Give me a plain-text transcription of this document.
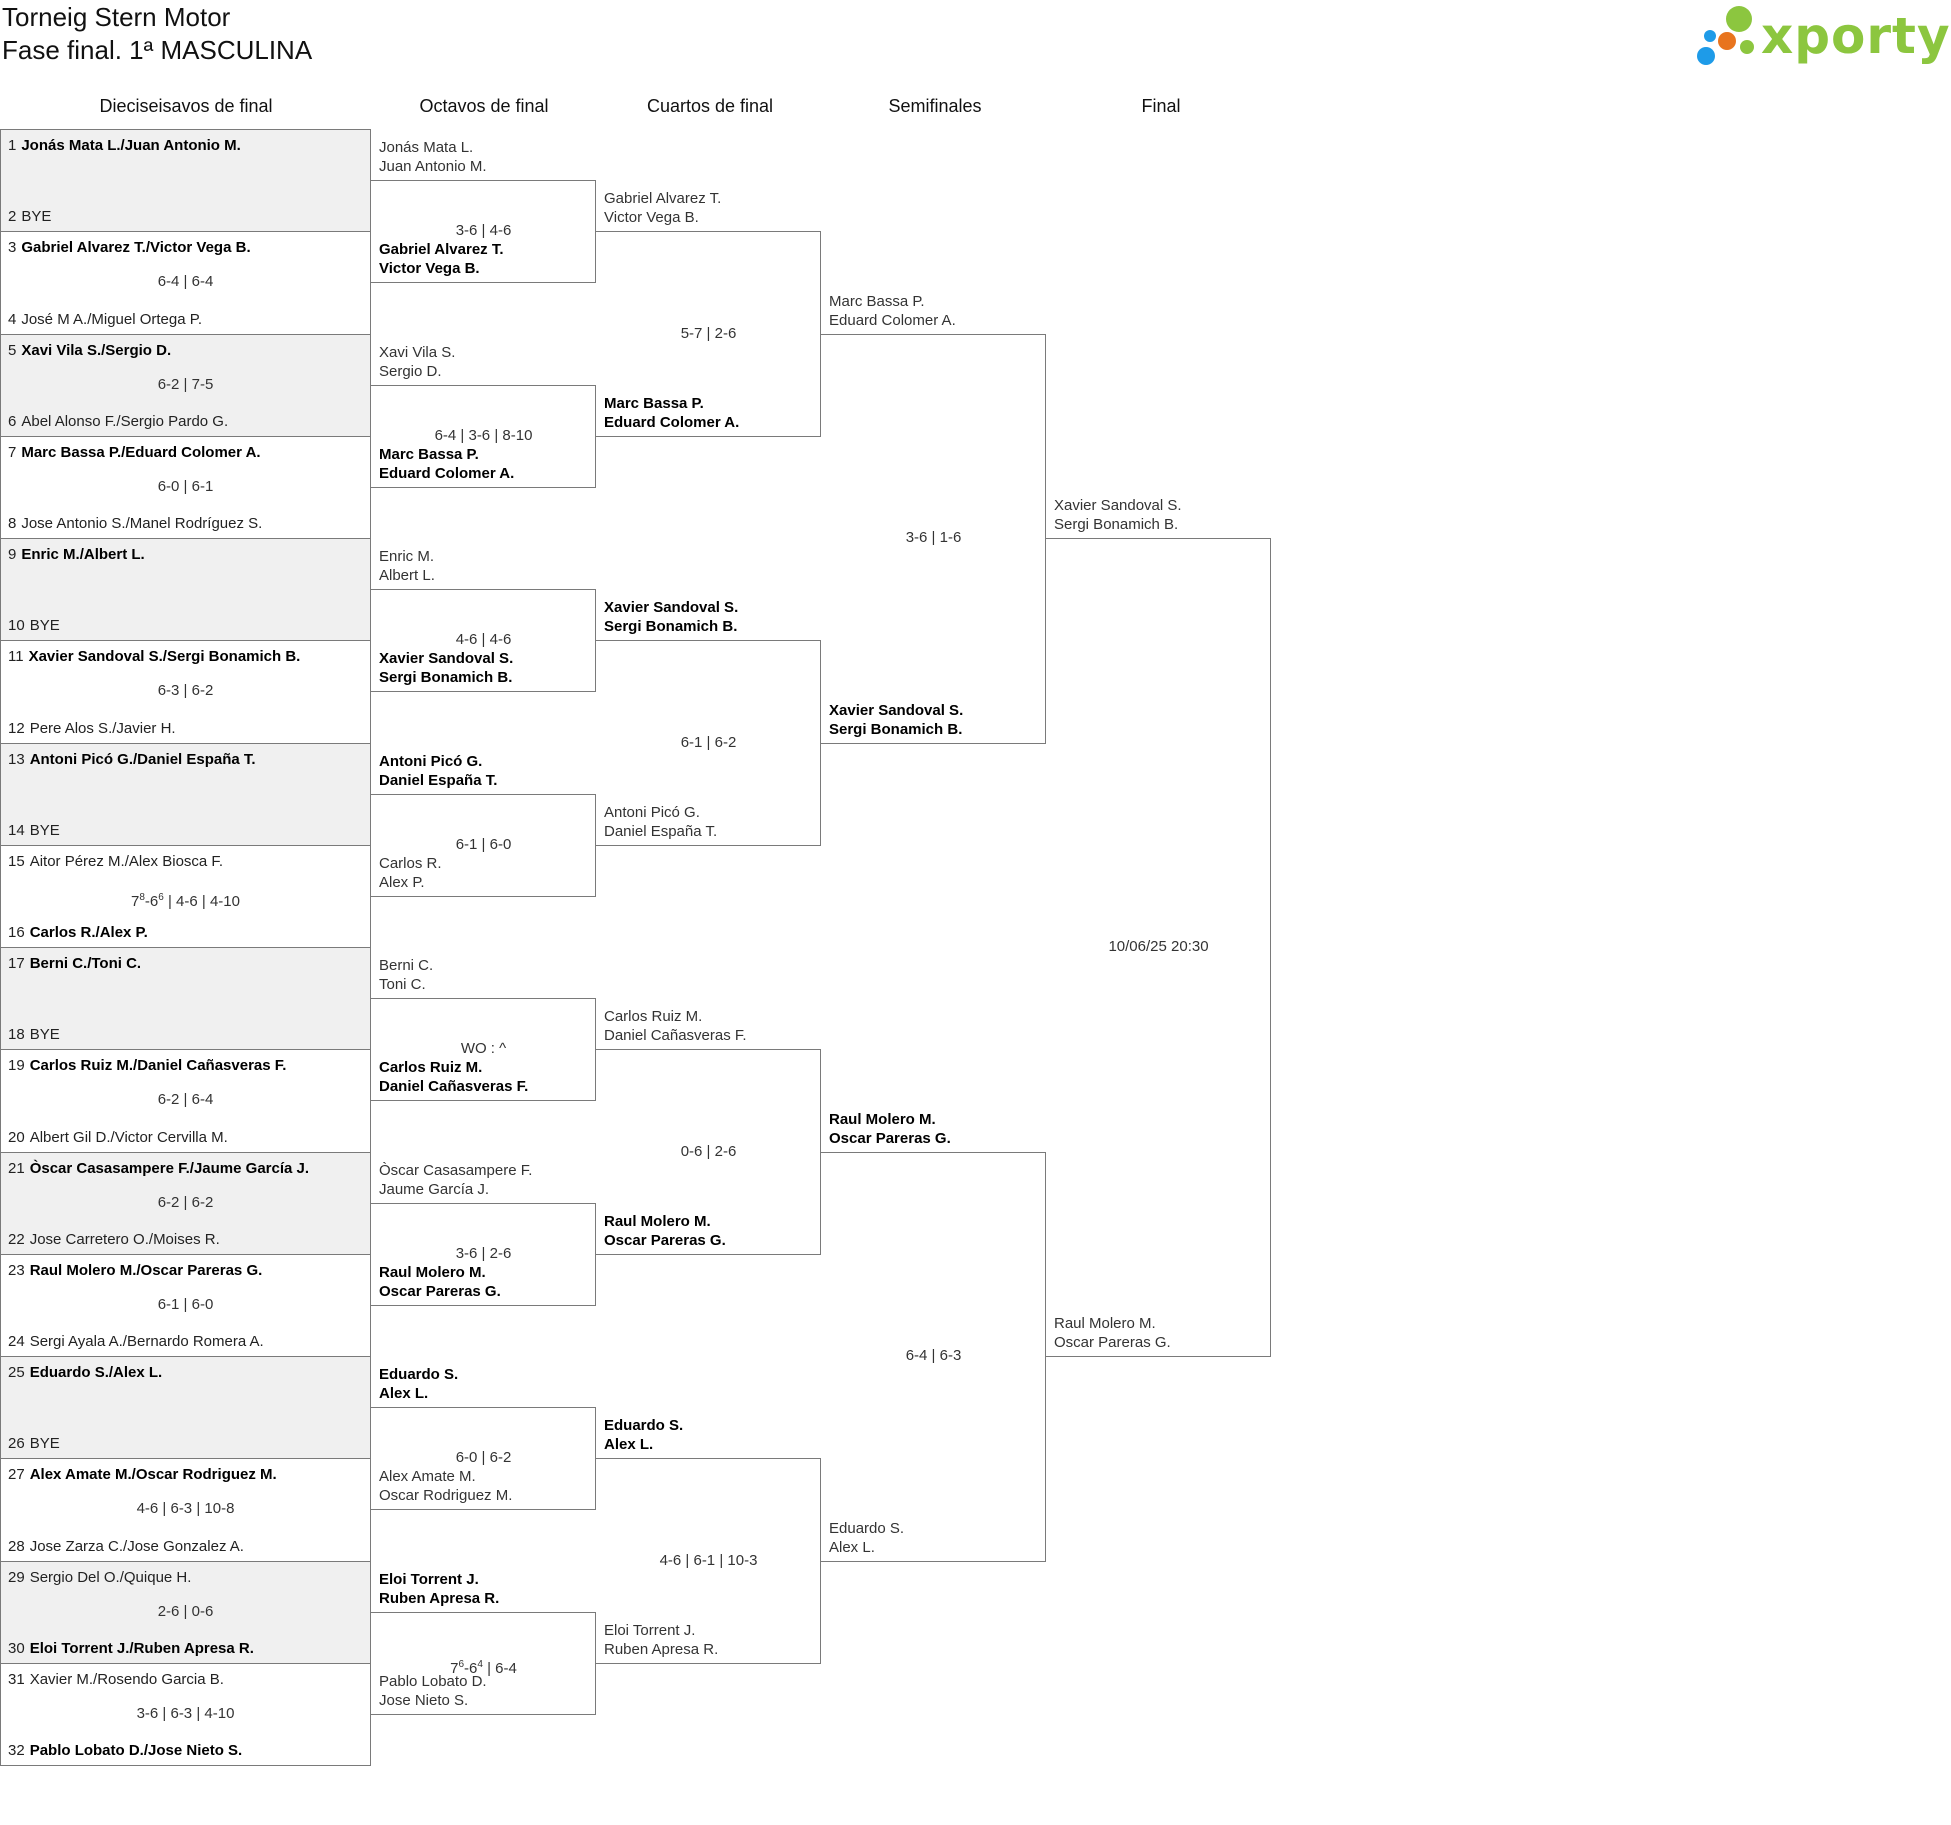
Torneig Stern Motor
Fase final. 1ª MASCULINA	xporty
Dieciseisavos de final	Octavos de final	Cuartos de final	Semifinales	Final
1 Jonás Mata L./Juan Antonio M.
2 BYE
3 Gabriel Alvarez T./Victor Vega B.
4 José M A./Miguel Ortega P.
6-4 | 6-4
5 Xavi Vila S./Sergio D.
6 Abel Alonso F./Sergio Pardo G.
6-2 | 7-5
7 Marc Bassa P./Eduard Colomer A.
8 Jose Antonio S./Manel Rodríguez S.
6-0 | 6-1
9 Enric M./Albert L.
10 BYE
11 Xavier Sandoval S./Sergi Bonamich B.
12 Pere Alos S./Javier H.
6-3 | 6-2
13 Antoni Picó G./Daniel España T.
14 BYE
15 Aitor Pérez M./Alex Biosca F.
16 Carlos R./Alex P.
$7^8-6^6$ | 4-6 | 4-10
17 Berni C./Toni C.
18 BYE
19 Carlos Ruiz M./Daniel Cañasveras F.
20 Albert Gil D./Victor Cervilla M.
6-2 | 6-4
21 Òscar Casasampere F./Jaume García J.
22 Jose Carretero O./Moises R.
6-2 | 6-2
23 Raul Molero M./Oscar Pareras G.
24 Sergi Ayala A./Bernardo Romera A.
6-1 | 6-0
25 Eduardo S./Alex L.
26 BYE
27 Alex Amate M./Oscar Rodriguez M.
28 Jose Zarza C./Jose Gonzalez A.
4-6 | 6-3 | 10-8
29 Sergio Del O./Quique H.
30 Eloi Torrent J./Ruben Apresa R.
2-6 | 0-6
31 Xavier M./Rosendo Garcia B.
32 Pablo Lobato D./Jose Nieto S.
3-6 | 6-3 | 4-10
Jonás Mata L.
Juan Antonio M.
Gabriel Alvarez T.
Victor Vega B.
3-6 | 4-6
Xavi Vila S.
Sergio D.
Marc Bassa P.
Eduard Colomer A.
6-4 | 3-6 | 8-10
Enric M.
Albert L.
Xavier Sandoval S.
Sergi Bonamich B.
4-6 | 4-6
Antoni Picó G.
Daniel España T.
Carlos R.
Alex P.
6-1 | 6-0
Berni C.
Toni C.
Carlos Ruiz M.
Daniel Cañasveras F.
WO : ^
Òscar Casasampere F.
Jaume García J.
Raul Molero M.
Oscar Pareras G.
3-6 | 2-6
Eduardo S.
Alex L.
Alex Amate M.
Oscar Rodriguez M.
6-0 | 6-2
Eloi Torrent J.
Ruben Apresa R.
Pablo Lobato D.
Jose Nieto S.
$7^6-6^4$ | 6-4
Gabriel Alvarez T.
Victor Vega B.
Marc Bassa P.
Eduard Colomer A.
5-7 | 2-6
Xavier Sandoval S.
Sergi Bonamich B.
Antoni Picó G.
Daniel España T.
6-1 | 6-2
Carlos Ruiz M.
Daniel Cañasveras F.
Raul Molero M.
Oscar Pareras G.
0-6 | 2-6
Eduardo S.
Alex L.
Eloi Torrent J.
Ruben Apresa R.
4-6 | 6-1 | 10-3
Marc Bassa P.
Eduard Colomer A.
Xavier Sandoval S.
Sergi Bonamich B.
3-6 | 1-6
Raul Molero M.
Oscar Pareras G.
Eduardo S.
Alex L.
6-4 | 6-3
Xavier Sandoval S.
Sergi Bonamich B.
Raul Molero M.
Oscar Pareras G.
10/06/25 20:30
